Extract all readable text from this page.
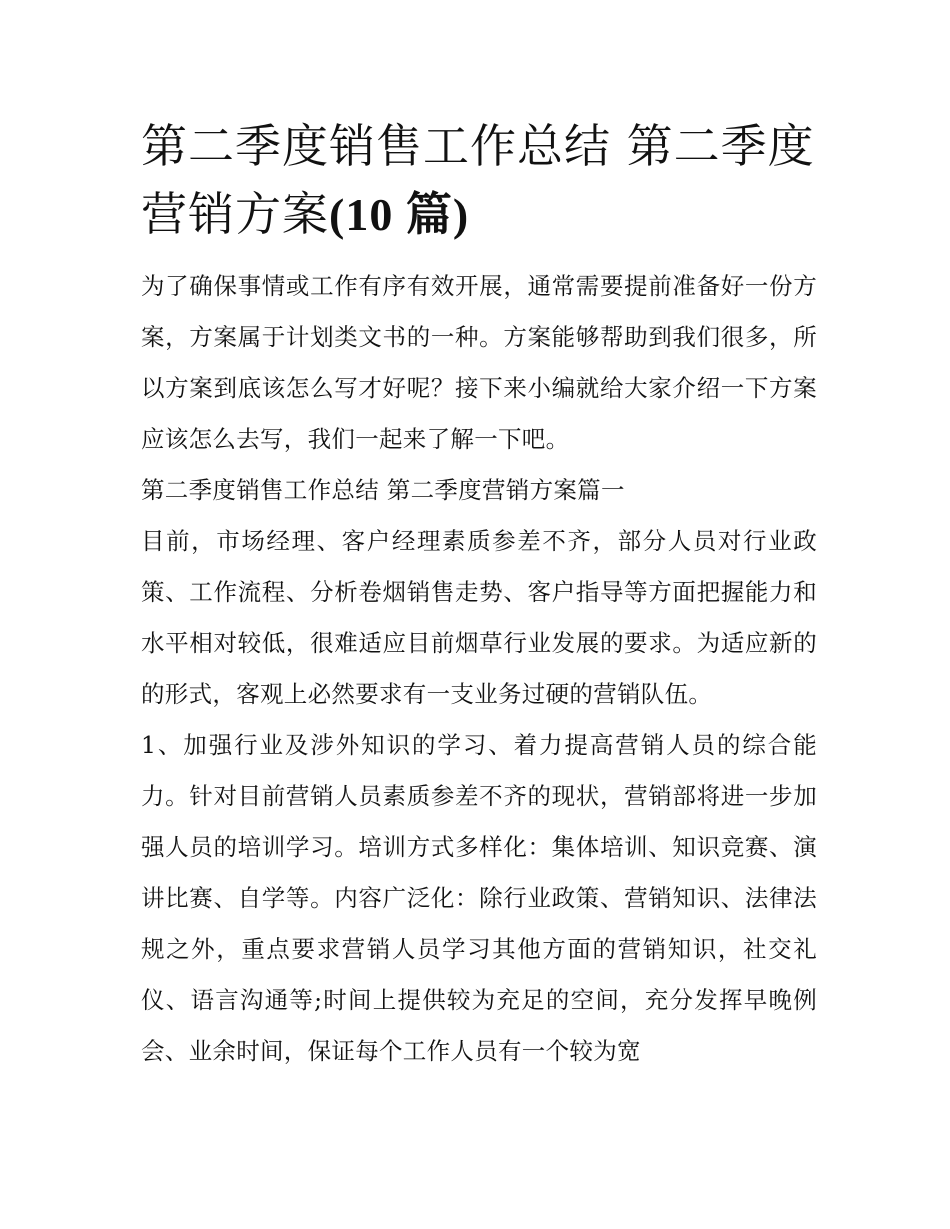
第二季度销售工作总结 第二季度营销方案(10 篇)

为了确保事情或工作有序有效开展，通常需要提前准备好一份方案，方案属于计划类文书的一种。方案能够帮助到我们很多，所以方案到底该怎么写才好呢？接下来小编就给大家介绍一下方案应该怎么去写，我们一起来了解一下吧。

第二季度销售工作总结 第二季度营销方案篇一

目前，市场经理、客户经理素质参差不齐，部分人员对行业政策、工作流程、分析卷烟销售走势、客户指导等方面把握能力和水平相对较低，很难适应目前烟草行业发展的要求。为适应新的的形式，客观上必然要求有一支业务过硬的营销队伍。

1、加强行业及涉外知识的学习、着力提高营销人员的综合能力。针对目前营销人员素质参差不齐的现状，营销部将进一步加强人员的培训学习。培训方式多样化：集体培训、知识竞赛、演讲比赛、自学等。内容广泛化：除行业政策、营销知识、法律法规之外，重点要求营销人员学习其他方面的营销知识，社交礼仪、语言沟通等;时间上提供较为充足的空间，充分发挥早晚例会、业余时间，保证每个工作人员有一个较为宽
